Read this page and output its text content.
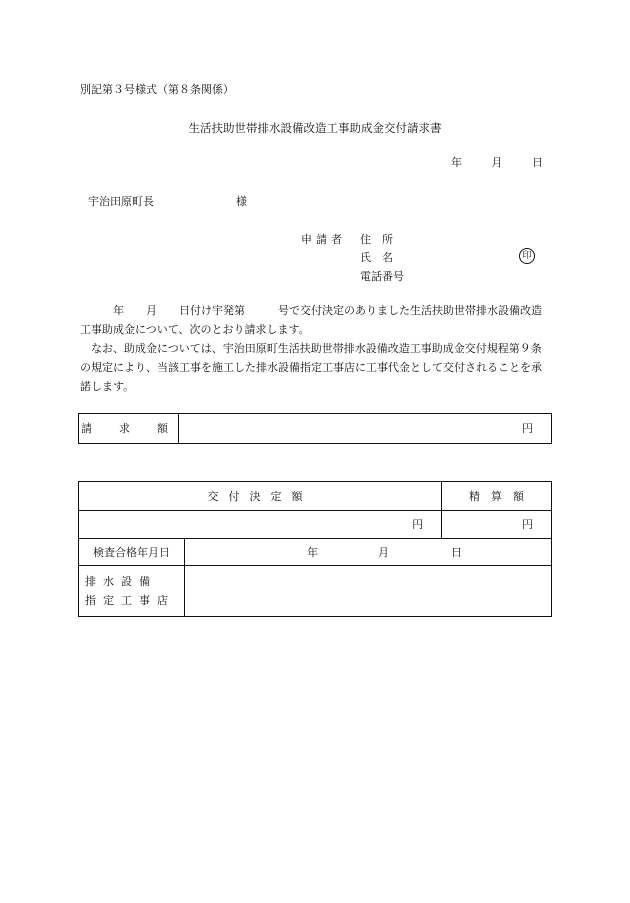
別記第３号様式（第８条関係）
生活扶助世帯排水設備改造工事助成金交付請求書
年	月	日
宇治田原町長	様
申請者 住　所
氏　名	印
電話番号
　　　年　　月　　日付け宇発第　　　号で交付決定のありました生活扶助世帯排水設備改造工事助成金について、次のとおり請求します。
　なお、助成金については、宇治田原町生活扶助世帯排水設備改造工事助成金交付規程第９条の規定により、当該工事を施工した排水設備指定工事店に工事代金として交付されることを承諾します。
請　求　額	円
交付決定額		精　算　額
円		円
検査合格年月日	年 月 日	

排水設備
指定工事店		
